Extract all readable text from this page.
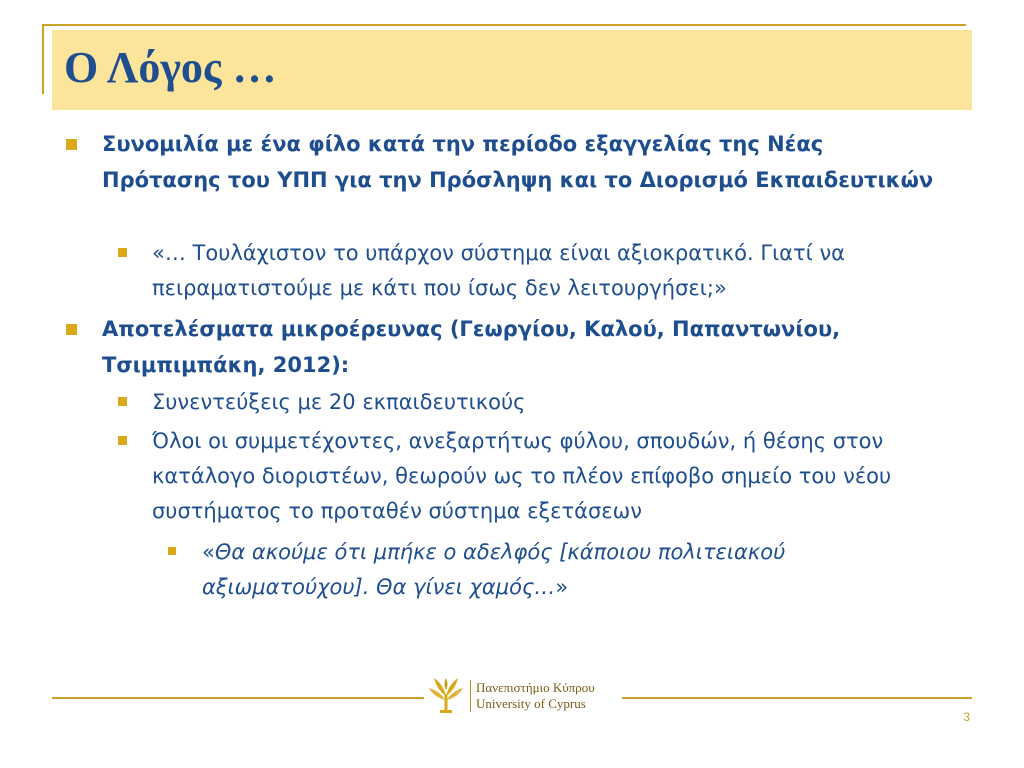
Ο Λόγος …
Συνομιλία με ένα φίλο κατά την περίοδο εξαγγελίας της Νέας Πρότασης του ΥΠΠ για την Πρόσληψη και το Διορισμό Εκπαιδευτικών
«… Τουλάχιστον το υπάρχον σύστημα είναι αξιοκρατικό. Γιατί να πειραματιστούμε με κάτι που ίσως δεν λειτουργήσει;»
Αποτελέσματα μικροέρευνας (Γεωργίου, Καλού, Παπαντωνίου, Τσιμπιμπάκη, 2012):
Συνεντεύξεις με 20 εκπαιδευτικούς
Όλοι οι συμμετέχοντες, ανεξαρτήτως φύλου, σπουδών, ή θέσης στον κατάλογο διοριστέων, θεωρούν ως το πλέον επίφοβο σημείο του νέου συστήματος το προταθέν σύστημα εξετάσεων
«Θα ακούμε ότι μπήκε ο αδελφός [κάποιου πολιτειακού αξιωματούχου]. Θα γίνει χαμός…»
Πανεπιστήμιο Κύπρου
University of Cyprus
3
